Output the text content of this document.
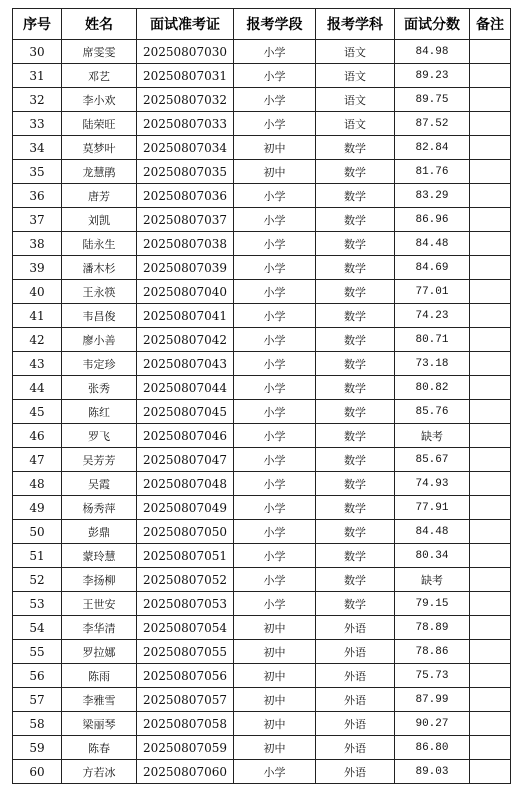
序号	姓名	面试准考证	报考学段	报考学科	面试分数	备注
30	席雯雯	20250807030	小学	语文	84.98	
31	邓艺	20250807031	小学	语文	89.23	
32	李小欢	20250807032	小学	语文	89.75	
33	陆荣旺	20250807033	小学	语文	87.52	
34	莫梦叶	20250807034	初中	数学	82.84	
35	龙慧鹃	20250807035	初中	数学	81.76	
36	唐芳	20250807036	小学	数学	83.29	
37	刘凯	20250807037	小学	数学	86.96	
38	陆永生	20250807038	小学	数学	84.48	
39	潘木杉	20250807039	小学	数学	84.69	
40	王永筷	20250807040	小学	数学	77.01	
41	韦昌俊	20250807041	小学	数学	74.23	
42	廖小善	20250807042	小学	数学	80.71	
43	韦定珍	20250807043	小学	数学	73.18	
44	张秀	20250807044	小学	数学	80.82	
45	陈红	20250807045	小学	数学	85.76	
46	罗飞	20250807046	小学	数学	缺考	
47	吴芳芳	20250807047	小学	数学	85.67	
48	吴霞	20250807048	小学	数学	74.93	
49	杨秀萍	20250807049	小学	数学	77.91	
50	彭鼎	20250807050	小学	数学	84.48	
51	蒙玲慧	20250807051	小学	数学	80.34	
52	李扬柳	20250807052	小学	数学	缺考	
53	王世安	20250807053	小学	数学	79.15	
54	李华清	20250807054	初中	外语	78.89	
55	罗拉娜	20250807055	初中	外语	78.86	
56	陈雨	20250807056	初中	外语	75.73	
57	李雅雪	20250807057	初中	外语	87.99	
58	梁丽琴	20250807058	初中	外语	90.27	
59	陈春	20250807059	初中	外语	86.80	
60	方若冰	20250807060	小学	外语	89.03	
